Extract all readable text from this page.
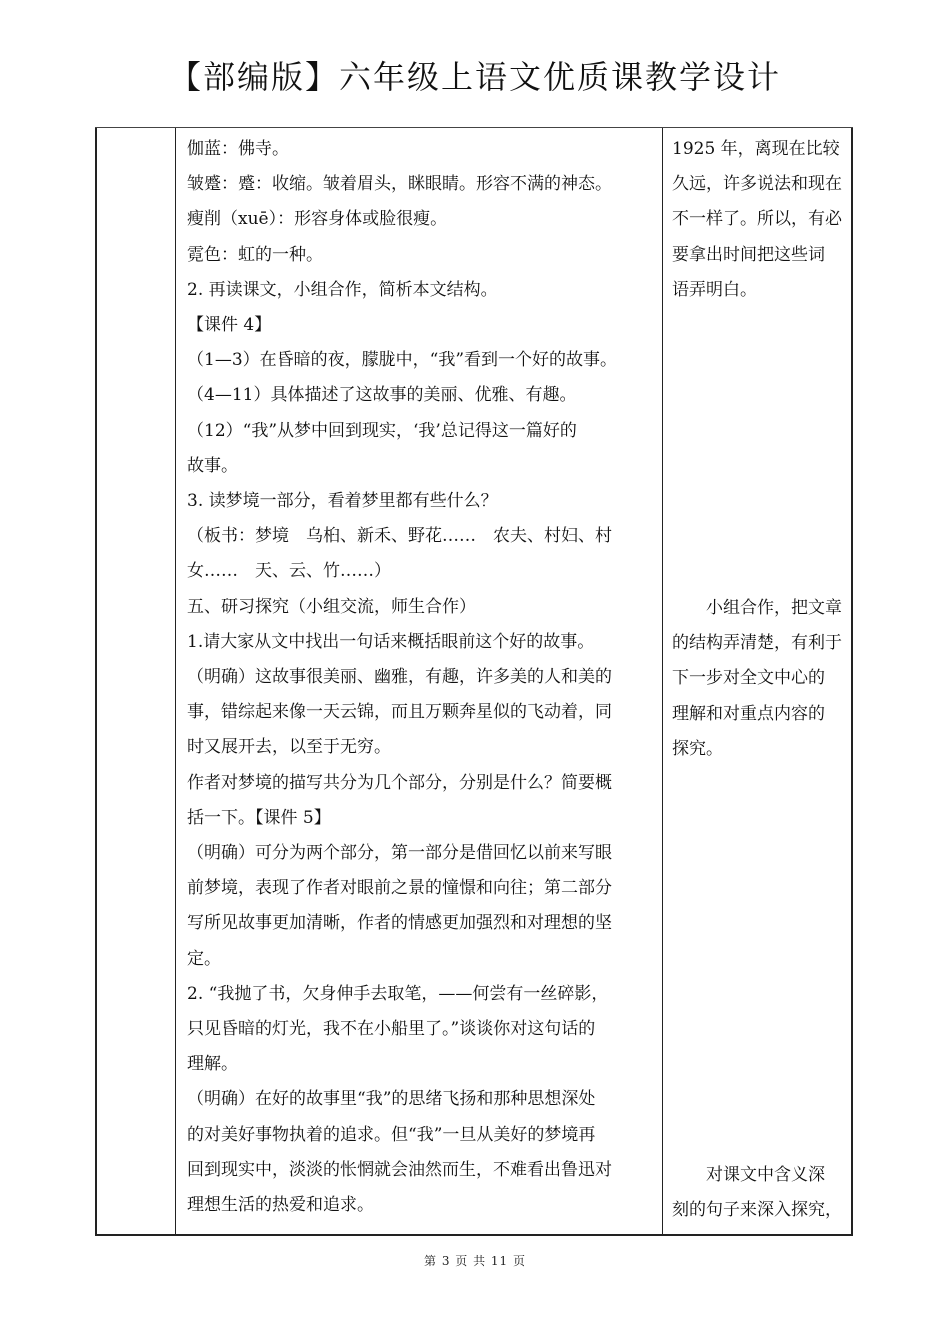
【部编版】六年级上语文优质课教学设计

伽蓝：佛寺。

皱蹙：蹙：收缩。皱着眉头，眯眼睛。形容不满的神态。

瘦削（xuē）：形容身体或脸很瘦。

霓色：虹的一种。

2. 再读课文，小组合作，简析本文结构。

【课件 4】

（1—3）在昏暗的夜，朦胧中，“我”看到一个好的故事。

（4—11）具体描述了这故事的美丽、优雅、有趣。

（12）“我”从梦中回到现实，‘我’总记得这一篇好的

故事。

3. 读梦境一部分，看着梦里都有些什么？

（板书：梦境　乌桕、新禾、野花……　农夫、村妇、村

女……　天、云、竹……）

五、研习探究（小组交流，师生合作）

1.请大家从文中找出一句话来概括眼前这个好的故事。

（明确）这故事很美丽、幽雅，有趣，许多美的人和美的

事，错综起来像一天云锦，而且万颗奔星似的飞动着，同

时又展开去，以至于无穷。

作者对梦境的描写共分为几个部分，分别是什么？简要概

括一下。【课件 5】

（明确）可分为两个部分，第一部分是借回忆以前来写眼

前梦境，表现了作者对眼前之景的憧憬和向往；第二部分

写所见故事更加清晰，作者的情感更加强烈和对理想的坚

定。

2. “我抛了书，欠身伸手去取笔，——何尝有一丝碎影，

只见昏暗的灯光，我不在小船里了。”谈谈你对这句话的

理解。

（明确）在好的故事里“我”的思绪飞扬和那种思想深处

的对美好事物执着的追求。但“我”一旦从美好的梦境再

回到现实中，淡淡的怅惘就会油然而生，不难看出鲁迅对

理想生活的热爱和追求。

1925 年，离现在比较

久远，许多说法和现在

不一样了。所以，有必

要拿出时间把这些词

语弄明白。

　　小组合作，把文章

的结构弄清楚，有利于

下一步对全文中心的

理解和对重点内容的

探究。

　　对课文中含义深

刻的句子来深入探究，

第 3 页 共 11 页
